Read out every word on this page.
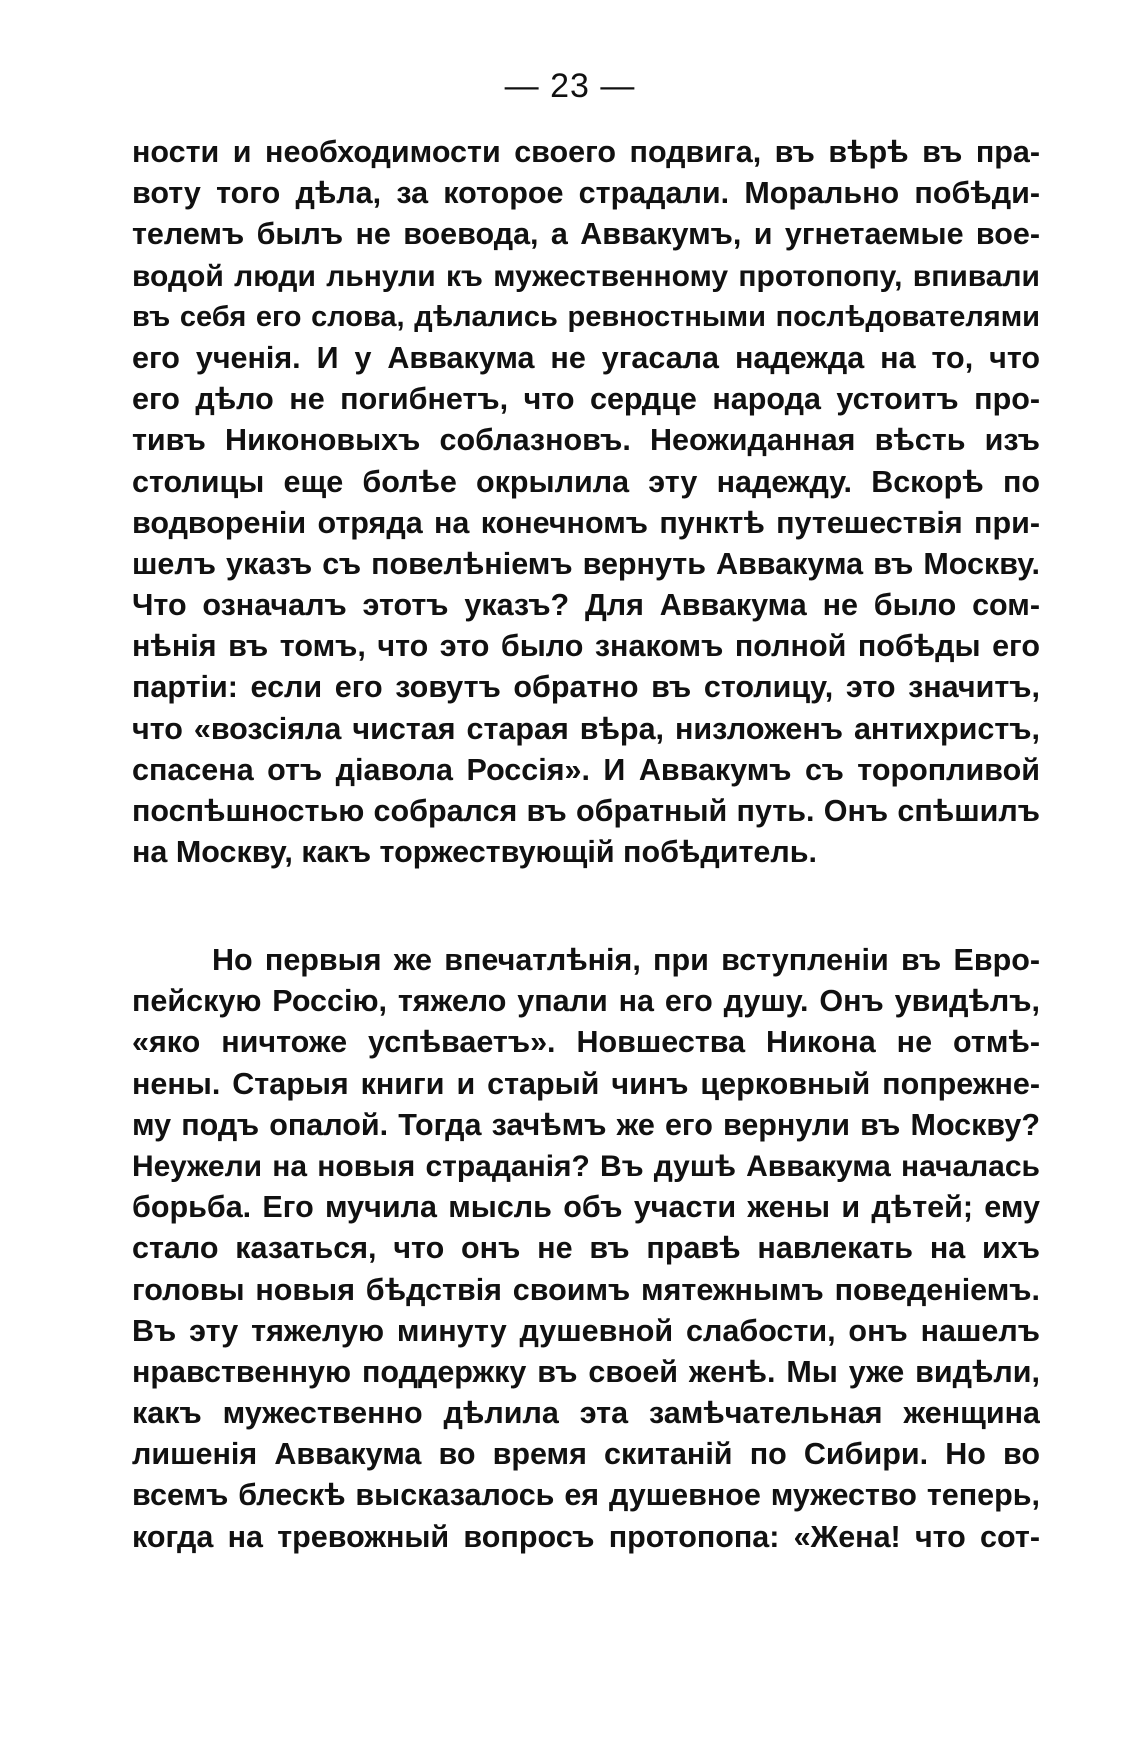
— 23 —
ности и необходимости своего подвига, въ вѣрѣ въ пра-
воту того дѣла, за которое страдали. Морально побѣди-
телемъ былъ не воевода, а Аввакумъ, и угнетаемые вое-
водой люди льнули къ мужественному протопопу, впивали
въ себя его слова, дѣлались ревностными послѣдователями
его ученія. И у Аввакума не угасала надежда на то, что
его дѣло не погибнетъ, что сердце народа устоитъ про-
тивъ Никоновыхъ соблазновъ. Неожиданная вѣсть изъ
столицы еще болѣе окрылила эту надежду. Вскорѣ по
водвореніи отряда на конечномъ пунктѣ путешествія при-
шелъ указъ съ повелѣніемъ вернуть Аввакума въ Москву.
Что означалъ этотъ указъ? Для Аввакума не было сом-
нѣнія въ томъ, что это было знакомъ полной побѣды его
партіи: если его зовутъ обратно въ столицу, это значитъ,
что «возсіяла чистая старая вѣра, низложенъ антихристъ,
спасена отъ діавола Россія». И Аввакумъ съ торопливой
поспѣшностью собрался въ обратный путь. Онъ спѣшилъ
на Москву, какъ торжествующій побѣдитель.
Но первыя же впечатлѣнія, при вступленіи въ Евро-
пейскую Россію, тяжело упали на его душу. Онъ увидѣлъ,
«яко ничтоже успѣваетъ». Новшества Никона не отмѣ-
нены. Старыя книги и старый чинъ церковный попрежне-
му подъ опалой. Тогда зачѣмъ же его вернули въ Москву?
Неужели на новыя страданія? Въ душѣ Аввакума началась
борьба. Его мучила мысль объ участи жены и дѣтей; ему
стало казаться, что онъ не въ правѣ навлекать на ихъ
головы новыя бѣдствія своимъ мятежнымъ поведеніемъ.
Въ эту тяжелую минуту душевной слабости, онъ нашелъ
нравственную поддержку въ своей женѣ. Мы уже видѣли,
какъ мужественно дѣлила эта замѣчательная женщина
лишенія Аввакума во время скитаній по Сибири. Но во
всемъ блескѣ высказалось ея душевное мужество теперь,
когда на тревожный вопросъ протопопа: «Жена! что сот-
